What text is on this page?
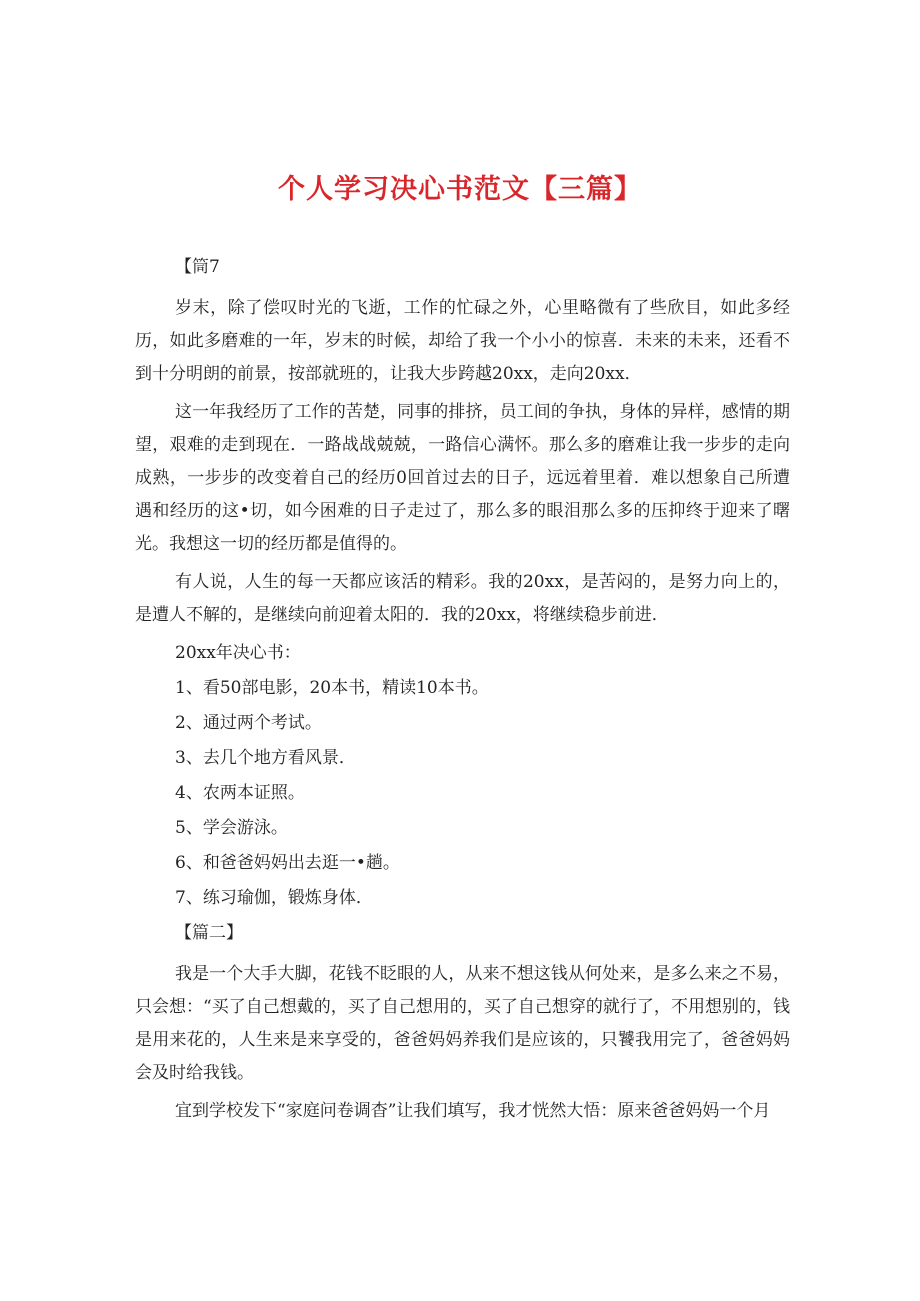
个人学习决心书范文【三篇】
【筒7

岁末，除了偿叹时光的飞逝，工作的忙碌之外，心里略微有了些欣目，如此多经历，如此多磨难的一年，岁末的时候，却给了我一个小小的惊喜．未来的未来，还看不到十分明朗的前景，按部就班的，让我大步跨越20xx，走向20xx．

这一年我经历了工作的苦楚，同事的排挤，员工间的争执，身体的异样，感情的期望，艰难的走到现在．一路战战兢兢，一路信心满怀。那么多的磨难让我一步步的走向成熟，一步步的改变着自己的经历0回首过去的日子，远远着里着．难以想象自己所遭遇和经历的这•切，如今困难的日子走过了，那么多的眼泪那么多的压抑终于迎来了曙光。我想这一切的经历都是值得的。

有人说，人生的每一天都应该活的精彩。我的20xx，是苦闷的，是努力向上的，是遭人不解的，是继续向前迎着太阳的．我的20xx，将继续稳步前进．

20xx年决心书：
1、看50部电影，20本书，精读10本书。
2、通过两个考试。
3、去几个地方看风景．
4、农两本证照。
5、学会游泳。
6、和爸爸妈妈出去逛一•趟。
7、练习瑜伽，锻炼身体．
【篇二】

我是一个大手大脚，花钱不眨眼的人，从来不想这钱从何处来，是多么来之不易，只会想：“买了自己想戴的，买了自己想用的，买了自己想穿的就行了，不用想别的，钱是用来花的，人生来是来享受的，爸爸妈妈养我们是应该的，只饕我用完了，爸爸妈妈会及时给我钱。

宜到学校发下“家庭问卷调杳”让我们填写，我才恍然大悟：原来爸爸妈妈一个月
